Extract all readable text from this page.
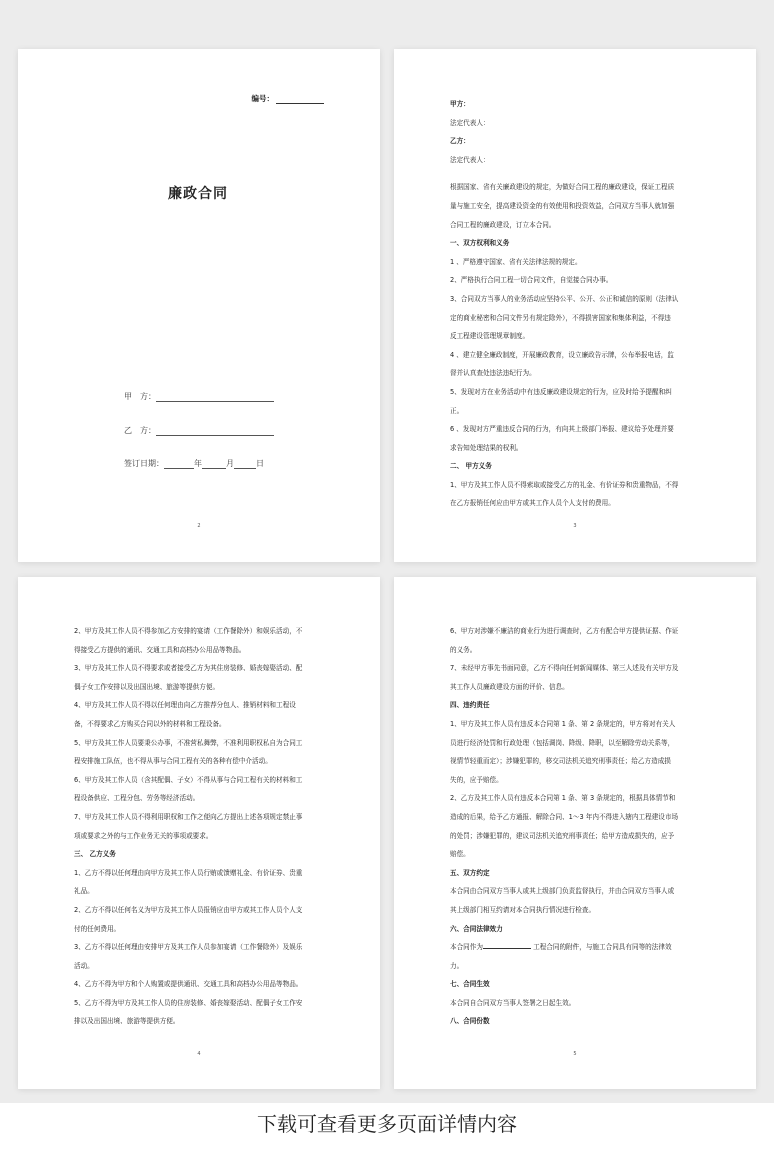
编号：
廉政合同
甲　方：
乙　方：
签订日期：	年	月	日
2
甲方：
法定代表人：
乙方：
法定代表人：
根据国家、省有关廉政建设的规定，为做好合同工程的廉政建设，保证工程质
量与施工安全，提高建设资金的有效使用和投资效益，合同双方当事人就加强
合同工程的廉政建设，订立本合同。
一、双方权利和义务
1 、严格遵守国家、省有关法律法规的规定。
2、严格执行合同工程一切合同文件，自觉接合同办事。
3、合同双方当事人的业务活动应坚持公平、公开、公正和诚信的原则（法律认
定的商业秘密和合同文件另有规定除外），不得损害国家和集体利益，不得违
反工程建设管理规章制度。
4 、建立健全廉政制度，开展廉政教育，设立廉政告示牌，公布举报电话，监
督并认真查处违法违纪行为。
5、发现对方在业务活动中有违反廉政建设规定的行为，应及时给予提醒和纠
正。
6 、发现对方严重违反合同的行为，有向其上级部门举报、建议给予处理并要
求告知处理结果的权利。
二、 甲方义务
1、甲方及其工作人员不得索取或接受乙方的礼金、有价证券和贵重物品，不得
在乙方报销任何应由甲方或其工作人员个人支付的费用。
3
2、甲方及其工作人员不得参加乙方安排的宴请（工作餐除外）和娱乐活动，不
得接受乙方提供的通讯、交通工具和高档办公用品等物品。
3、甲方及其工作人员不得要求或者接受乙方为其住房装修、婚丧嫁娶活动、配
偶子女工作安排以及出国出境、旅游等提供方便。
4、甲方及其工作人员不得以任何理由向乙方推荐分包人、推销材料和工程设
备，不得要求乙方购买合同以外的材料和工程设备。
5、甲方及其工作人员要秉公办事，不准营私舞弊，不准利用职权私自为合同工
程安排施工队伍，也不得从事与合同工程有关的各种有偿中介活动。
6、甲方及其工作人员（含其配偶、子女）不得从事与合同工程有关的材料和工
程设备供应、工程分包、劳务等经济活动。
7、甲方及其工作人员不得利用职权和工作之便向乙方提出上述各项规定禁止事
项或要求之外的与工作业务无关的事项或要求。
三、 乙方义务
1、乙方不得以任何理由向甲方及其工作人员行贿或馈赠礼金、有价证券、贵重
礼品。
2、乙方不得以任何名义为甲方及其工作人员报销应由甲方或其工作人员个人支
付的任何费用。
3、乙方不得以任何理由安排甲方及其工作人员参加宴请（工作餐除外）及娱乐
活动。
4、乙方不得为甲方和个人购置或提供通讯、交通工具和高档办公用品等物品。
5、乙方不得为甲方及其工作人员的住房装修、婚丧嫁娶活动、配偶子女工作安
排以及出国出境、旅游等提供方便。
4
6、甲方对涉嫌不廉洁的商业行为进行调查时，乙方有配合甲方提供证据、作证
的义务。
7、未经甲方事先书面同意，乙方不得向任何新闻媒体、第三人述及有关甲方及
其工作人员廉政建设方面的评价、信息。
四、违约责任
1、甲方及其工作人员有违反本合同第 1 条、第 2 条规定的，甲方将对有关人
员进行经济处罚和行政处理（包括调岗、降级、降职，以至解除劳动关系等，
视情节轻重而定）；涉嫌犯罪的，移交司法机关追究刑事责任；给乙方造成损
失的，应予赔偿。
2、乙方及其工作人员有违反本合同第 1 条、第 3 条规定的，根据具体情节和
造成的后果，给予乙方通报、解除合同、1～3 年内不得进入辖内工程建设市场
的处罚；涉嫌犯罪的，建议司法机关追究刑事责任；给甲方造成损失的，应予
赔偿。
五、双方约定
本合同由合同双方当事人或其上级部门负责监督执行，并由合同双方当事人或
其上级部门相互约请对本合同执行情况进行检查。
六、合同法律效力
本合同作为	工程合同的附件，与施工合同具有同等的法律效
力。
七、合同生效
本合同自合同双方当事人签署之日起生效。
八、合同份数
5
下载可查看更多页面详情内容
